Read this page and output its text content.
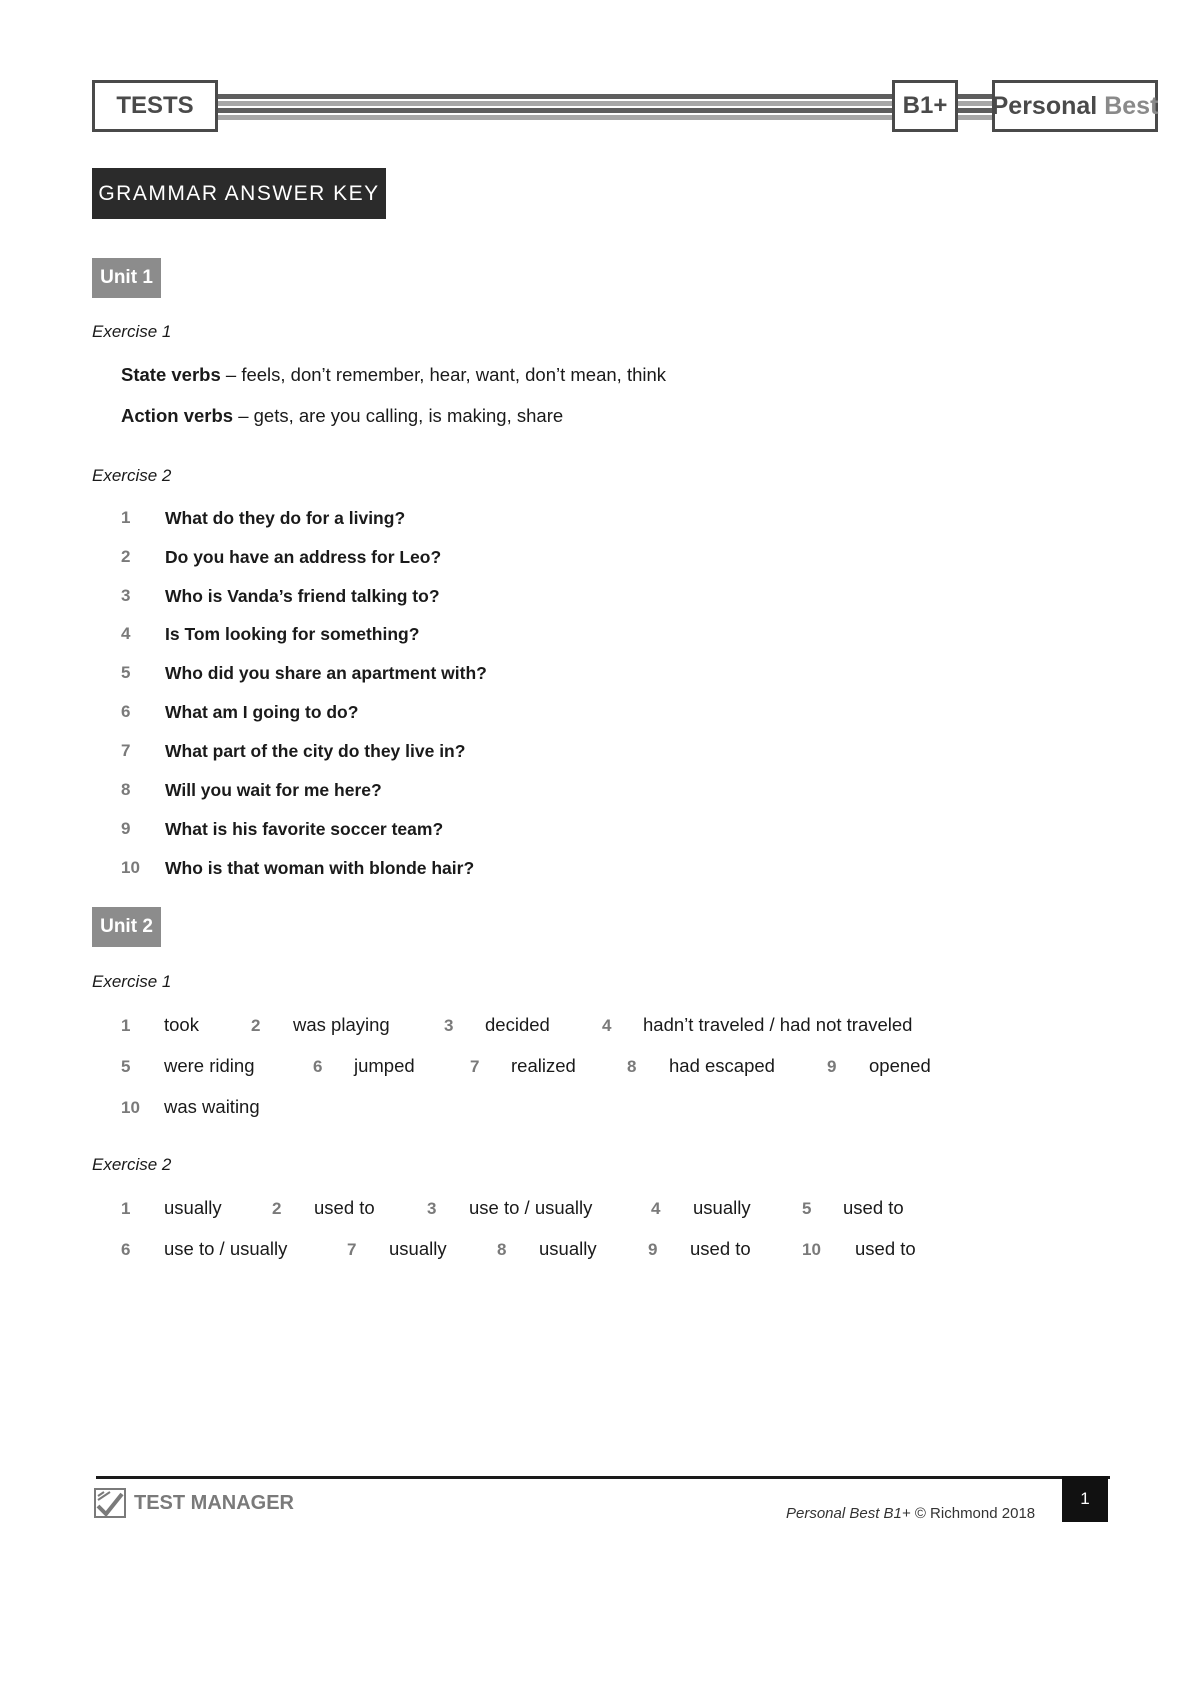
TESTS	B1+	Personal Best
GRAMMAR ANSWER KEY
Unit 1
Exercise 1
State verbs – feels, don’t remember, hear, want, don’t mean, think
Action verbs – gets, are you calling, is making, share
Exercise 2
1 What do they do for a living?
2 Do you have an address for Leo?
3 Who is Vanda’s friend talking to?
4 Is Tom looking for something?
5 Who did you share an apartment with?
6 What am I going to do?
7 What part of the city do they live in?
8 Will you wait for me here?
9 What is his favorite soccer team?
10 Who is that woman with blonde hair?
Unit 2
Exercise 1
1 took	2 was playing	3 decided	4 hadn’t traveled / had not traveled
5 were riding	6 jumped	7 realized	8 had escaped	9 opened
10 was waiting
Exercise 2
1 usually	2 used to	3 use to / usually	4 usually	5 used to
6 use to / usually	7 usually	8 usually	9 used to	10 used to
TEST MANAGER	Personal Best B1+ © Richmond 2018
1
